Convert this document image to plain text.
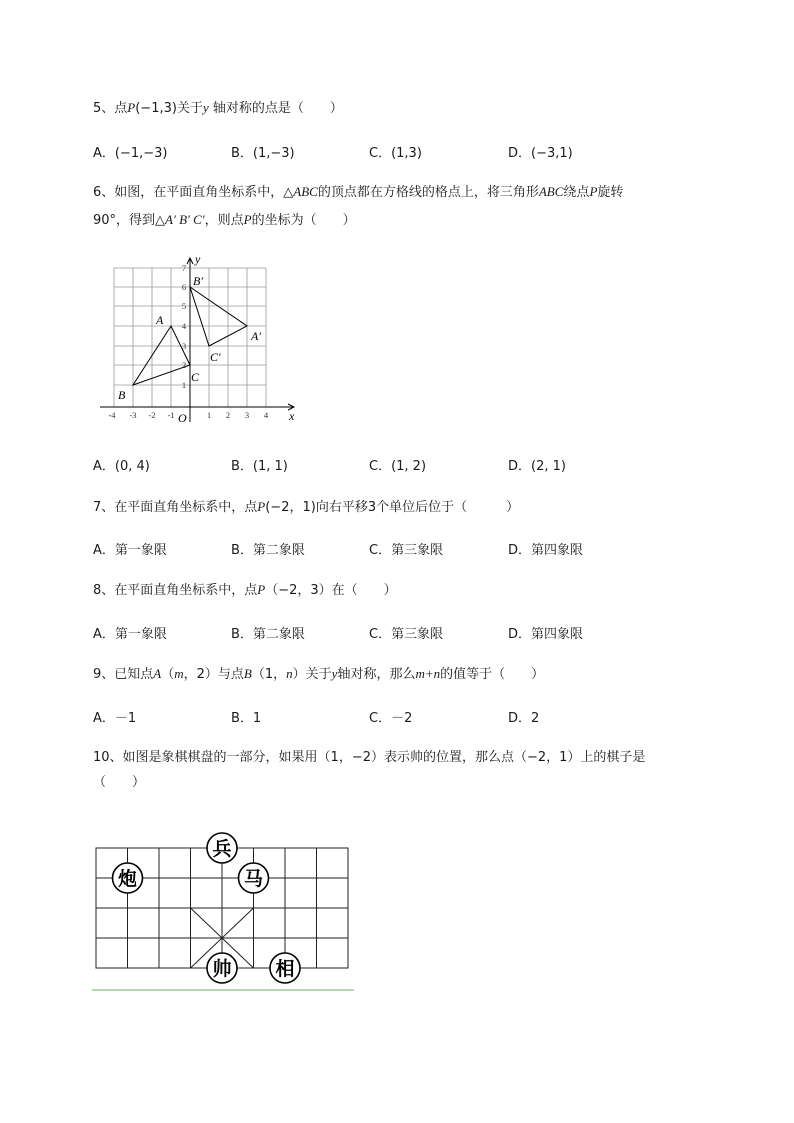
5、点P(−1,3)关于y 轴对称的点是（　　）
A．(−1,−3)	B．(1,−3)	C．(1,3)	D．(−3,1)
6、如图，在平面直角坐标系中，△ABC的顶点都在方格线的格点上，将三角形ABC绕点P旋转
90°，得到△A′ B′ C′，则点P的坐标为（　　）
-4 -3 -2 -1	1 2 3 4
1
2
3
4
5
6
7
x
y
O
A
B
C
A′
B′
C′
A．(0, 4)	B．(1, 1)	C．(1, 2)	D．(2, 1)
7、在平面直角坐标系中，点P(−2，1)向右平移3个单位后位于（　　　）
A．第一象限	B．第二象限	C．第三象限	D．第四象限
8、在平面直角坐标系中，点P（−2，3）在（　　）
A．第一象限	B．第二象限	C．第三象限	D．第四象限
9、已知点A（m，2）与点B（1，n）关于y轴对称，那么m+n的值等于（　　）
A．－1	B．1	C．－2	D．2
10、如图是象棋棋盘的一部分，如果用（1，−2）表示帅的位置，那么点（−2，1）上的棋子是
（　　）
兵
炮	马
帅 相
